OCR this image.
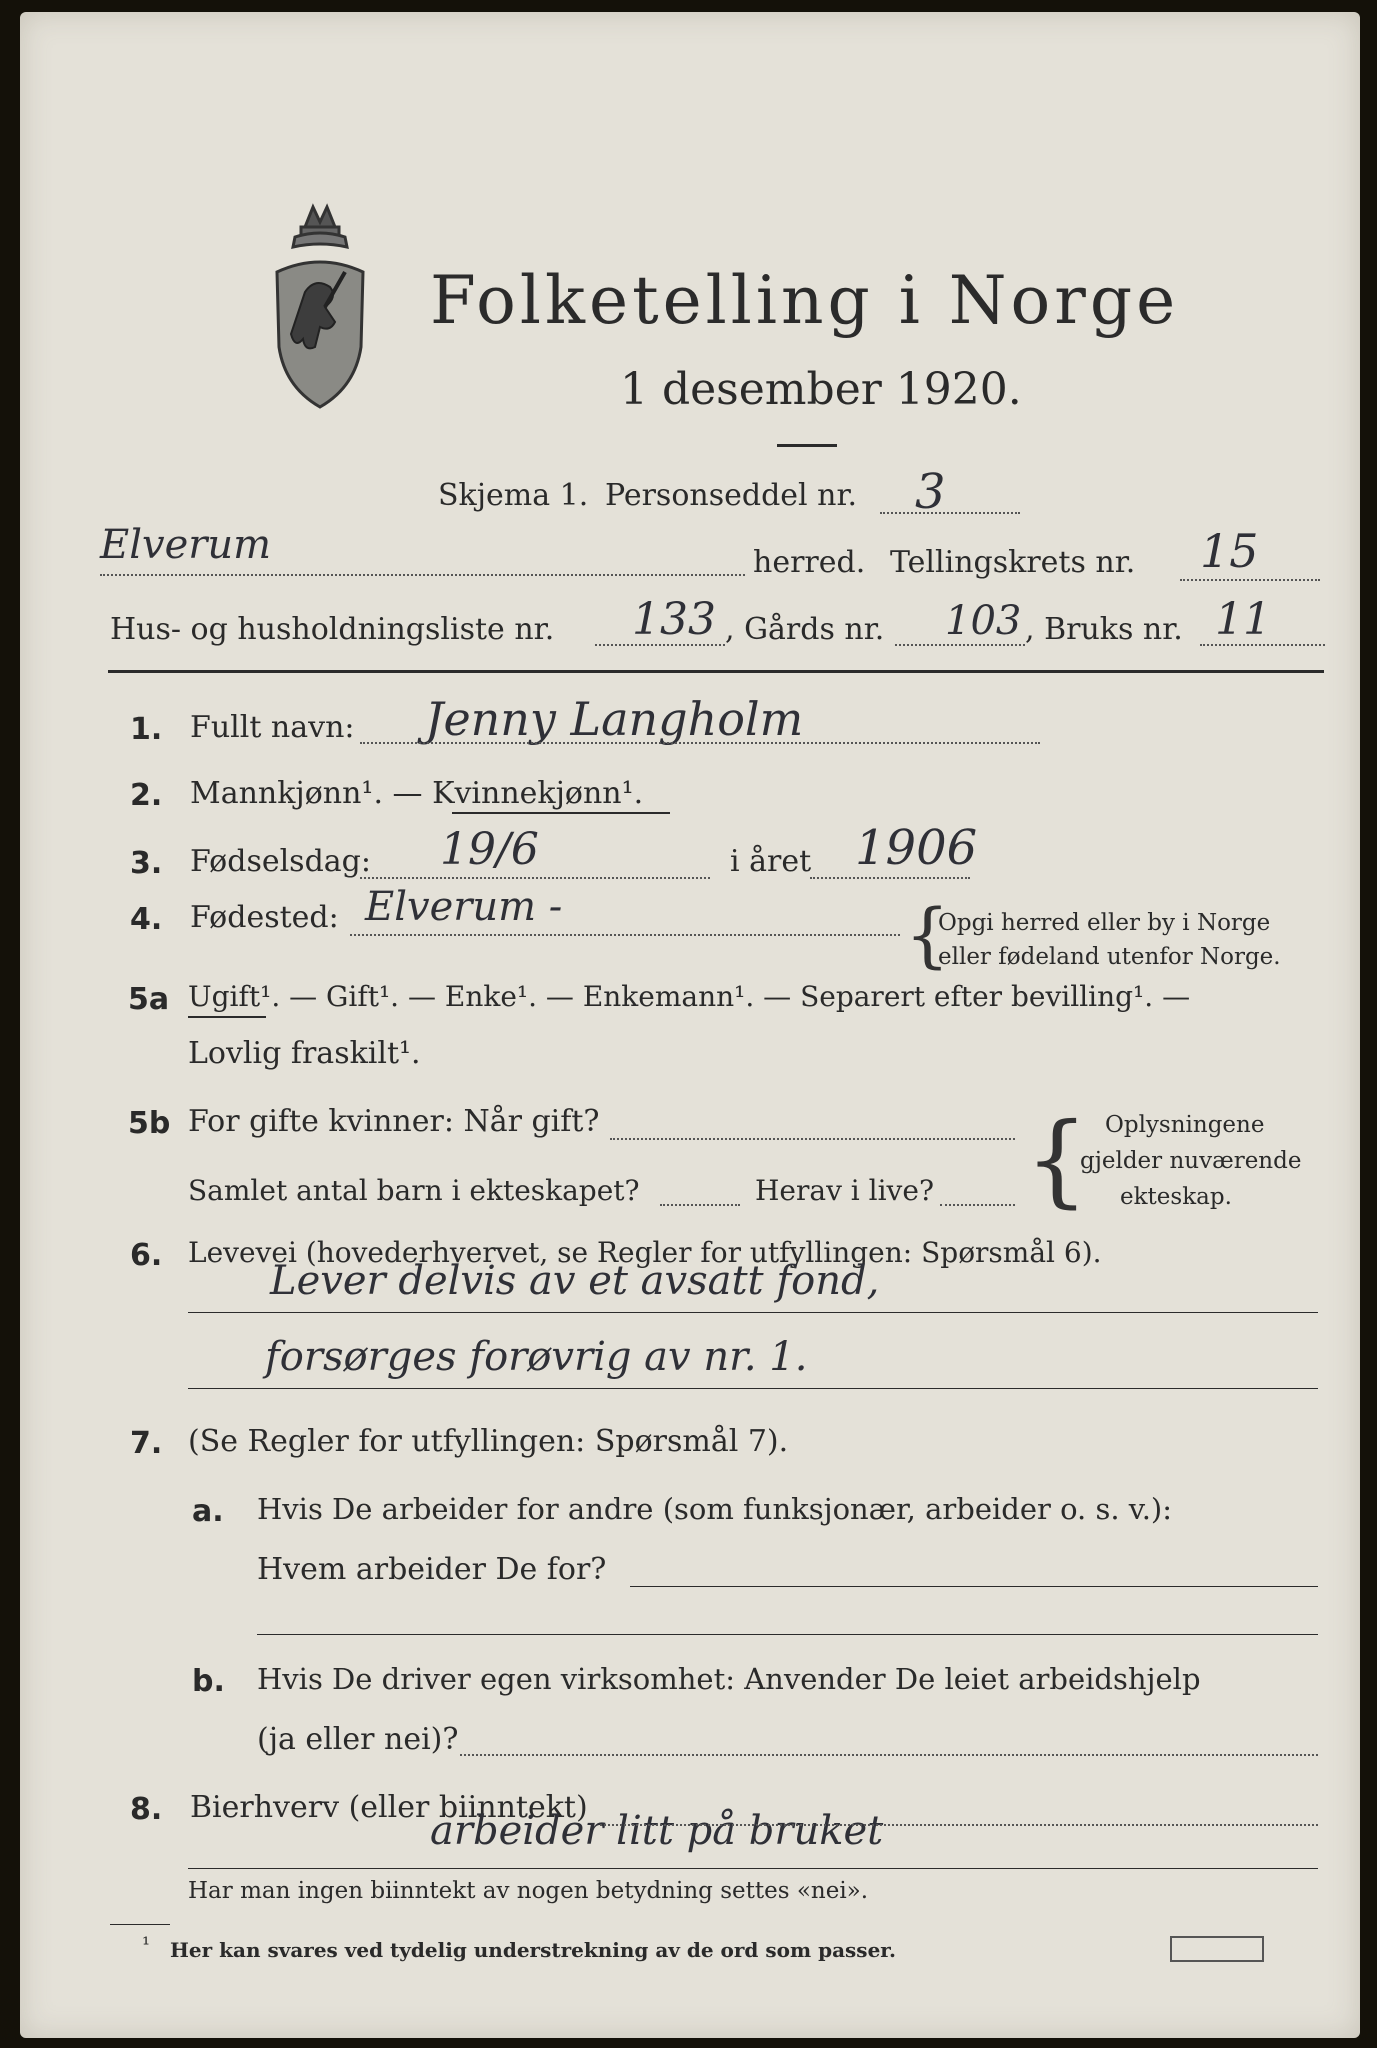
Folketelling i Norge
1 desember 1920.
Skjema 1. Personseddel nr. 3
Elverum	herred. Tellingskrets nr. 15
Hus- og husholdningsliste nr. 133 , Gårds nr. 103 , Bruks nr. 11
1. Fullt navn: Jenny Langholm
2. Mannkjønn¹. — Kvinnekjønn¹.
3. Fødselsdag: 19/6	i året 1906
4. Fødested: Elverum -	{
Opgi herred eller by i Norge
eller fødeland utenfor Norge.
5a Ugift¹. — Gift¹. — Enke¹. — Enkemann¹. — Separert efter bevilling¹. —
Lovlig fraskilt¹.
5b For gifte kvinner: Når gift?
Samlet antal barn i ekteskapet?	Herav i live? { Oplysningene
gjelder nuværende
ekteskap.
6. Levevei (hovederhvervet, se Regler for utfyllingen: Spørsmål 6).
Lever delvis av et avsatt fond,
forsørges forøvrig av nr. 1.
7. (Se Regler for utfyllingen: Spørsmål 7).
a. Hvis De arbeider for andre (som funksjonær, arbeider o. s. v.):
Hvem arbeider De for?
b. Hvis De driver egen virksomhet: Anvender De leiet arbeidshjelp
(ja eller nei)?
8. Bierhverv (eller biinntekt)
arbeider litt på bruket
Har man ingen biinntekt av nogen betydning settes «nei».
¹ Her kan svares ved tydelig understrekning av de ord som passer.
